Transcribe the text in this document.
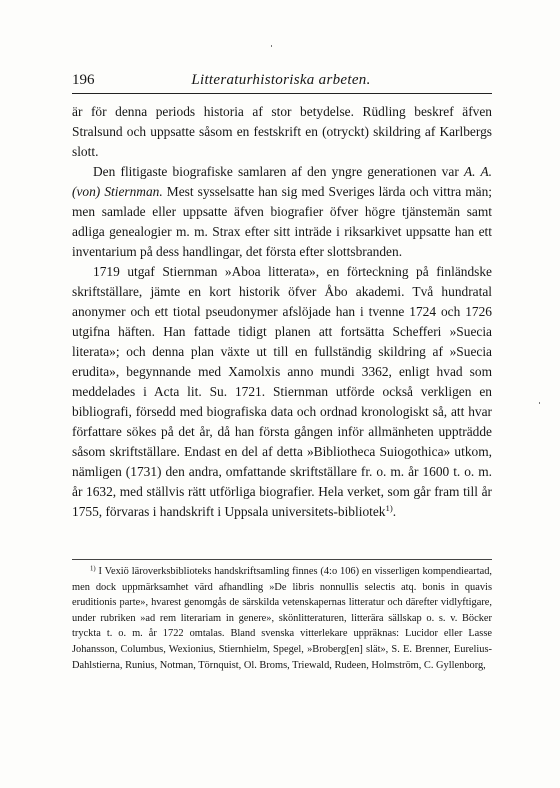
196	Litteraturhistoriska arbeten.

är för denna periods historia af stor betydelse. Rüdling beskref äfven Stralsund och uppsatte såsom en festskrift en (otryckt) skildring af Karlbergs slott.

Den flitigaste biografiske samlaren af den yngre generationen var A. A. (von) Stiernman. Mest sysselsatte han sig med Sveriges lärda och vittra män; men samlade eller uppsatte äfven biografier öfver högre tjänstemän samt adliga genealogier m. m. Strax efter sitt inträde i riksarkivet uppsatte han ett inventarium på dess handlingar, det första efter slottsbranden.

1719 utgaf Stiernman »Aboa litterata», en förteckning på finländske skriftställare, jämte en kort historik öfver Åbo akademi. Två hundratal anonymer och ett tiotal pseudonymer afslöjade han i tvenne 1724 och 1726 utgifna häften. Han fattade tidigt planen att fortsätta Schefferi »Suecia literata»; och denna plan växte ut till en fullständig skildring af »Suecia erudita», begynnande med Xamolxis anno mundi 3362, enligt hvad som meddelades i Acta lit. Su. 1721. Stiernman utförde också verkligen en bibliografi, försedd med biografiska data och ordnad kronologiskt så, att hvar författare sökes på det år, då han första gången inför allmänheten uppträdde såsom skriftställare. Endast en del af detta »Bibliotheca Suiogothica» utkom, nämligen (1731) den andra, omfattande skriftställare fr. o. m. år 1600 t. o. m. år 1632, med ställvis rätt utförliga biografier. Hela verket, som går fram till år 1755, förvaras i handskrift i Uppsala universitets-bibliotek$^{1)}$.

$^{1)}$ I Vexiö läroverksbiblioteks handskriftsamling finnes (4:o 106) en visserligen kompendieartad, men dock uppmärksamhet värd afhandling »De libris nonnullis selectis atq. bonis in quavis eruditionis parte», hvarest genomgås de särskilda vetenskapernas litteratur och därefter vidlyftigare, under rubriken »ad rem literariam in genere», skönlitteraturen, litterära sällskap o. s. v. Böcker tryckta t. o. m. år 1722 omtalas. Bland svenska vitterlekare uppräknas: Lucidor eller Lasse Johansson, Columbus, Wexionius, Stiernhielm, Spegel, »Broberg[en] slät», S. E. Brenner, Eurelius-Dahlstierna, Runius, Notman, Törnquist, Ol. Broms, Triewald, Rudeen, Holmström, C. Gyllenborg,
